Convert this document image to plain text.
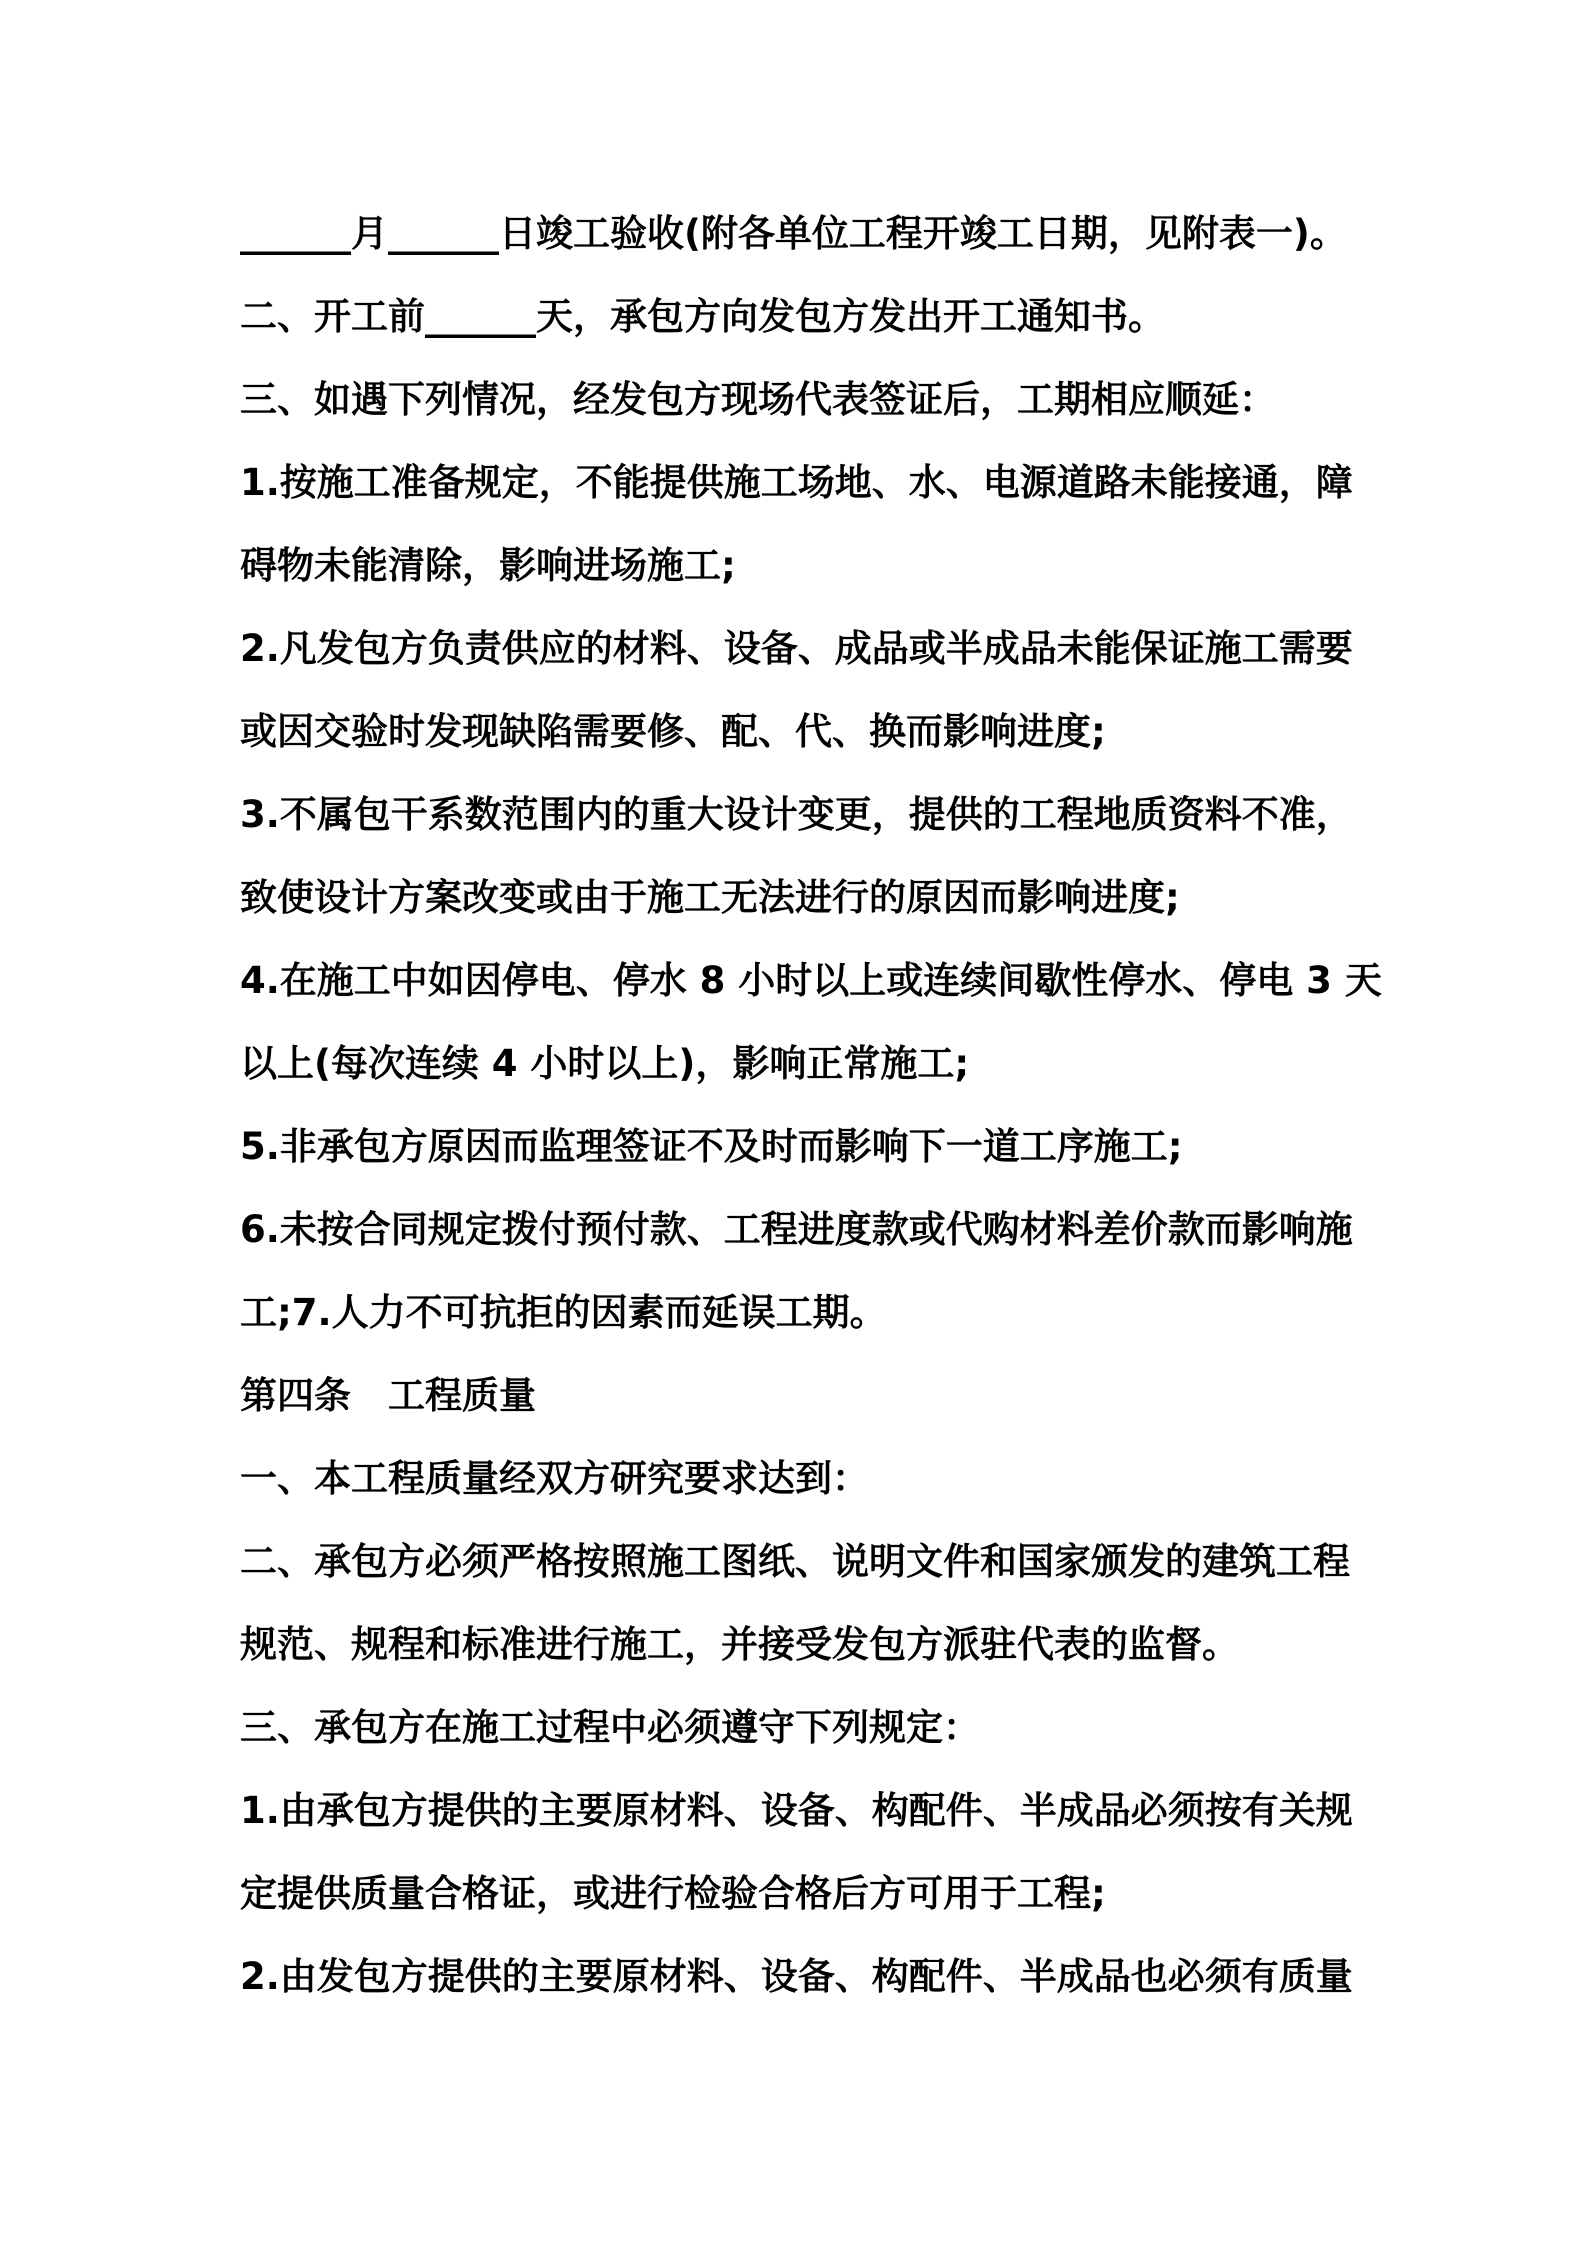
______月______日竣工验收(附各单位工程开竣工日期，见附表一)。
二、开工前______天，承包方向发包方发出开工通知书。
三、如遇下列情况，经发包方现场代表签证后，工期相应顺延：
1.按施工准备规定，不能提供施工场地、水、电源道路未能接通，障
碍物未能清除，影响进场施工;
2.凡发包方负责供应的材料、设备、成品或半成品未能保证施工需要
或因交验时发现缺陷需要修、配、代、换而影响进度;
3.不属包干系数范围内的重大设计变更，提供的工程地质资料不准，
致使设计方案改变或由于施工无法进行的原因而影响进度;
4.在施工中如因停电、停水 8 小时以上或连续间歇性停水、停电 3 天
以上(每次连续 4 小时以上)，影响正常施工;
5.非承包方原因而监理签证不及时而影响下一道工序施工;
6.未按合同规定拨付预付款、工程进度款或代购材料差价款而影响施
工;7.人力不可抗拒的因素而延误工期。
第四条　工程质量
一、本工程质量经双方研究要求达到：
二、承包方必须严格按照施工图纸、说明文件和国家颁发的建筑工程
规范、规程和标准进行施工，并接受发包方派驻代表的监督。
三、承包方在施工过程中必须遵守下列规定：
1.由承包方提供的主要原材料、设备、构配件、半成品必须按有关规
定提供质量合格证，或进行检验合格后方可用于工程;
2.由发包方提供的主要原材料、设备、构配件、半成品也必须有质量
